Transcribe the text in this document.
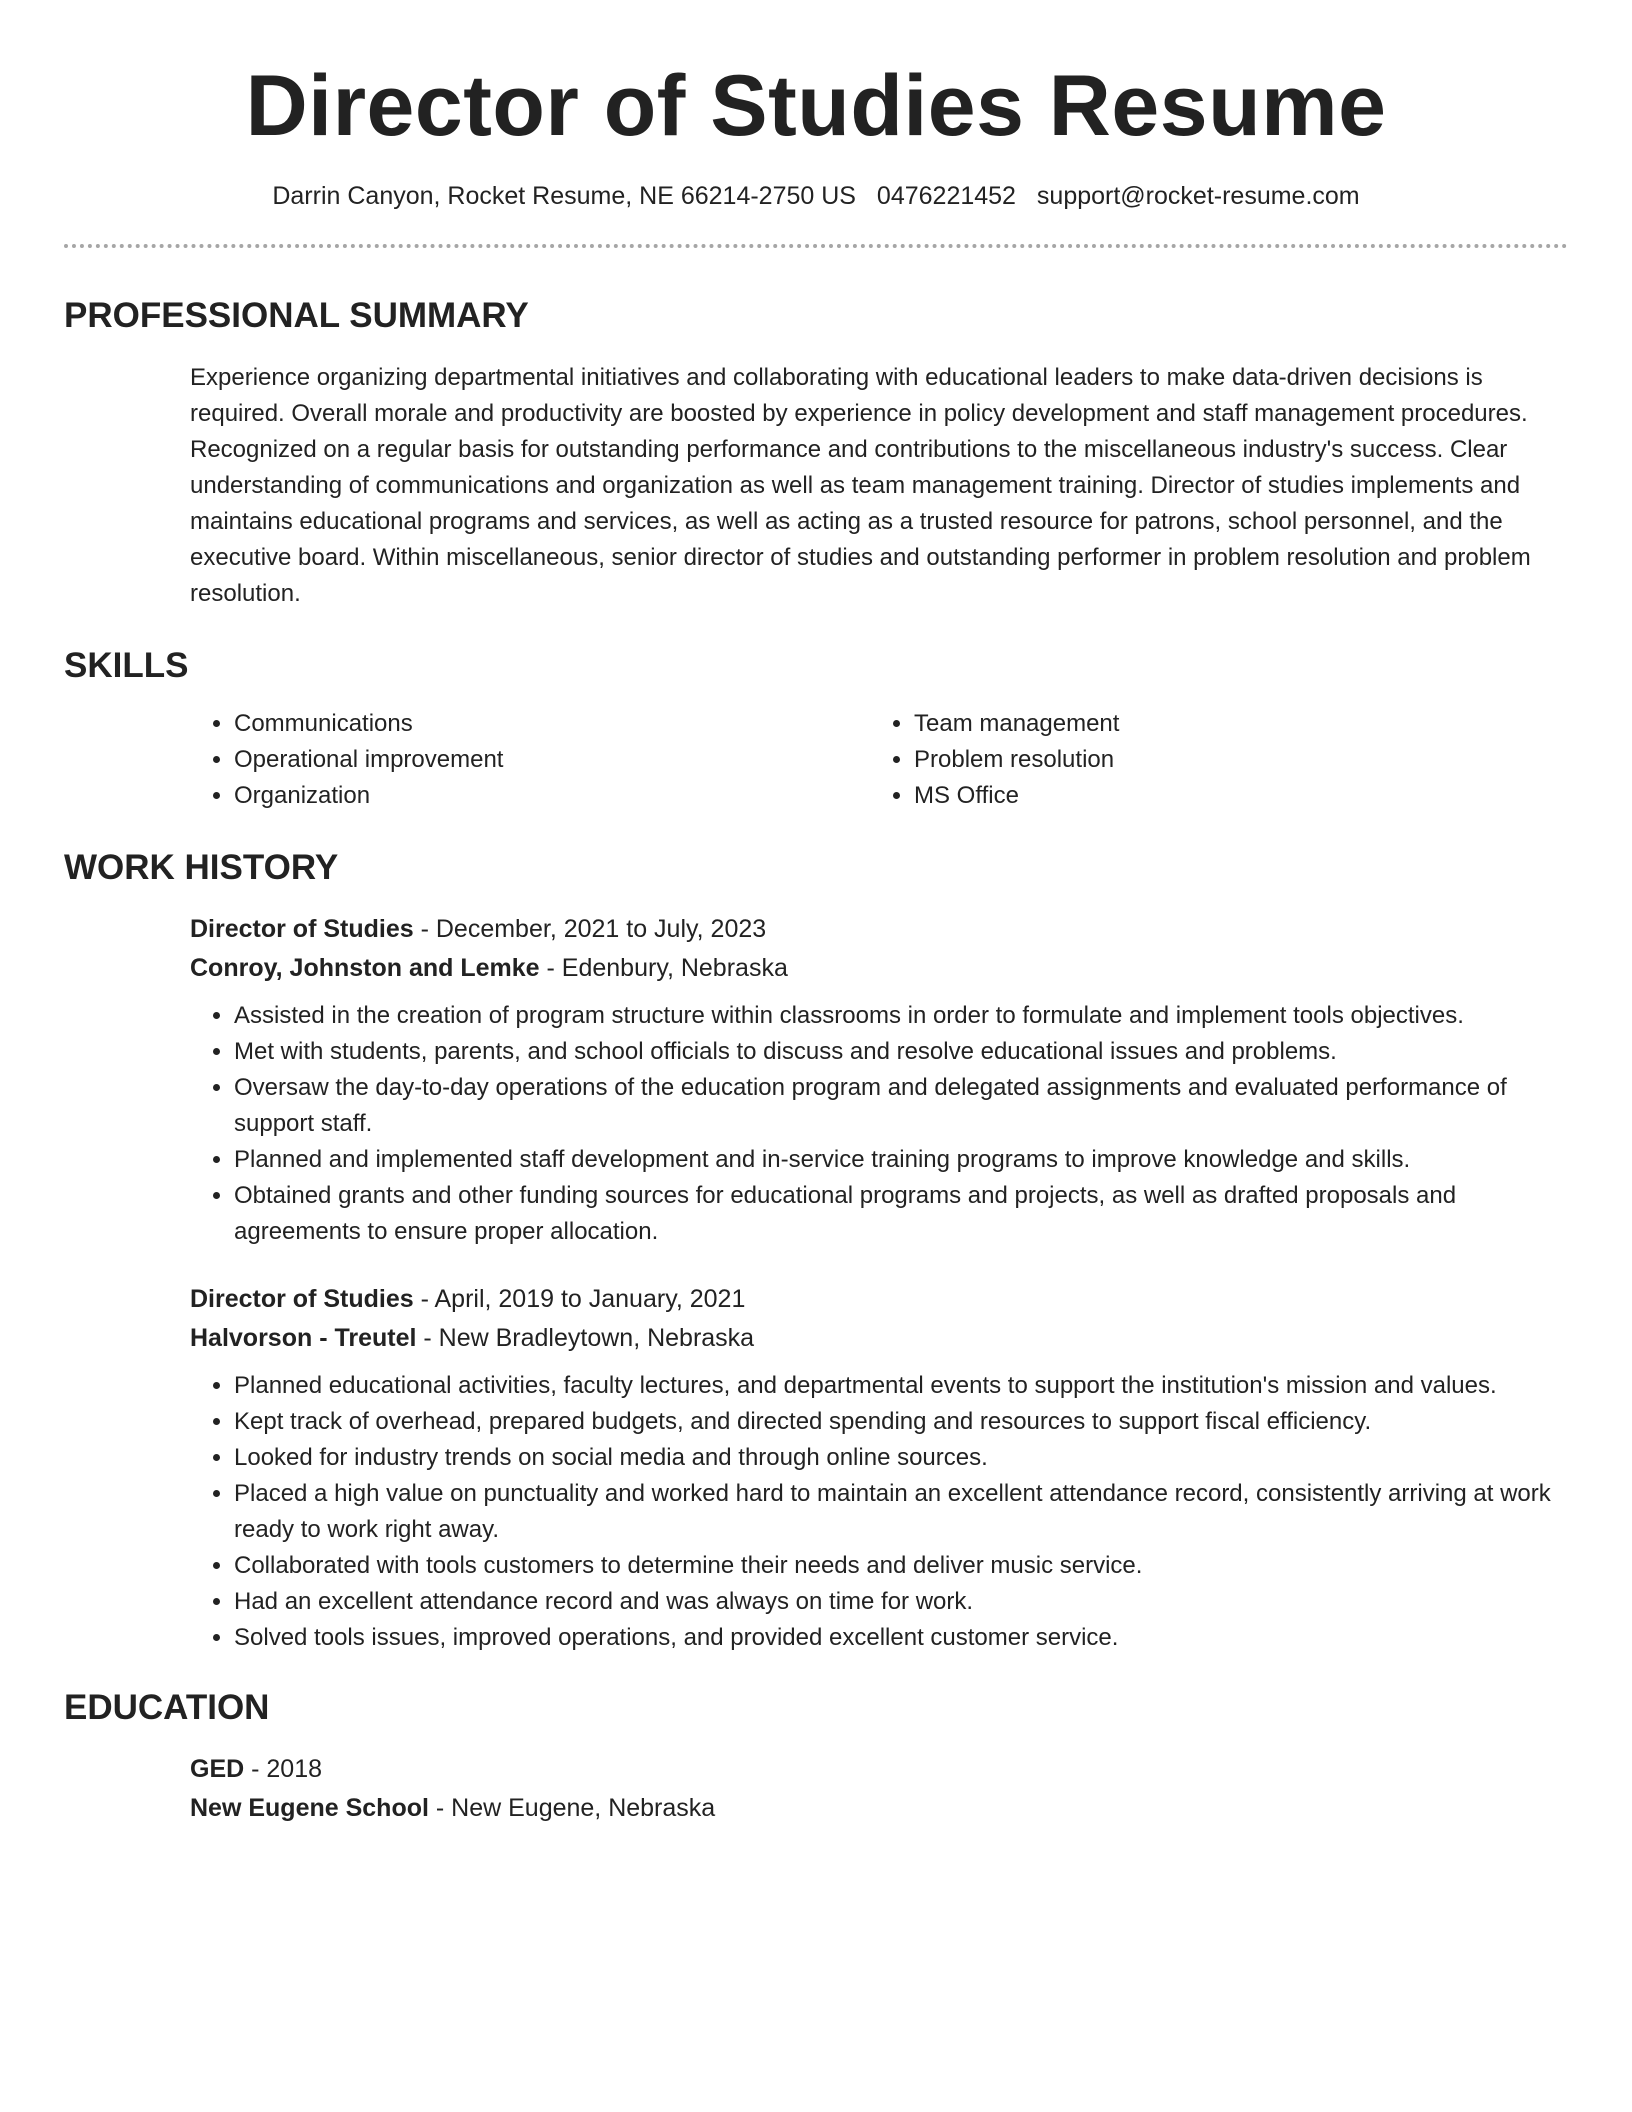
Director of Studies Resume
Darrin Canyon, Rocket Resume, NE 66214-2750 US 0476221452 support@rocket-resume.com
PROFESSIONAL SUMMARY
Experience organizing departmental initiatives and collaborating with educational leaders to make data-driven decisions is required. Overall morale and productivity are boosted by experience in policy development and staff management procedures. Recognized on a regular basis for outstanding performance and contributions to the miscellaneous industry's success. Clear understanding of communications and organization as well as team management training. Director of studies implements and maintains educational programs and services, as well as acting as a trusted resource for patrons, school personnel, and the executive board. Within miscellaneous, senior director of studies and outstanding performer in problem resolution and problem resolution.
SKILLS
• Communications
• Operational improvement
• Organization
• Team management
• Problem resolution
• MS Office
WORK HISTORY
Director of Studies - December, 2021 to July, 2023
Conroy, Johnston and Lemke - Edenbury, Nebraska
• Assisted in the creation of program structure within classrooms in order to formulate and implement tools objectives.
• Met with students, parents, and school officials to discuss and resolve educational issues and problems.
• Oversaw the day-to-day operations of the education program and delegated assignments and evaluated performance of support staff.
• Planned and implemented staff development and in-service training programs to improve knowledge and skills.
• Obtained grants and other funding sources for educational programs and projects, as well as drafted proposals and agreements to ensure proper allocation.
Director of Studies - April, 2019 to January, 2021
Halvorson - Treutel - New Bradleytown, Nebraska
• Planned educational activities, faculty lectures, and departmental events to support the institution's mission and values.
• Kept track of overhead, prepared budgets, and directed spending and resources to support fiscal efficiency.
• Looked for industry trends on social media and through online sources.
• Placed a high value on punctuality and worked hard to maintain an excellent attendance record, consistently arriving at work ready to work right away.
• Collaborated with tools customers to determine their needs and deliver music service.
• Had an excellent attendance record and was always on time for work.
• Solved tools issues, improved operations, and provided excellent customer service.
EDUCATION
GED - 2018
New Eugene School - New Eugene, Nebraska
